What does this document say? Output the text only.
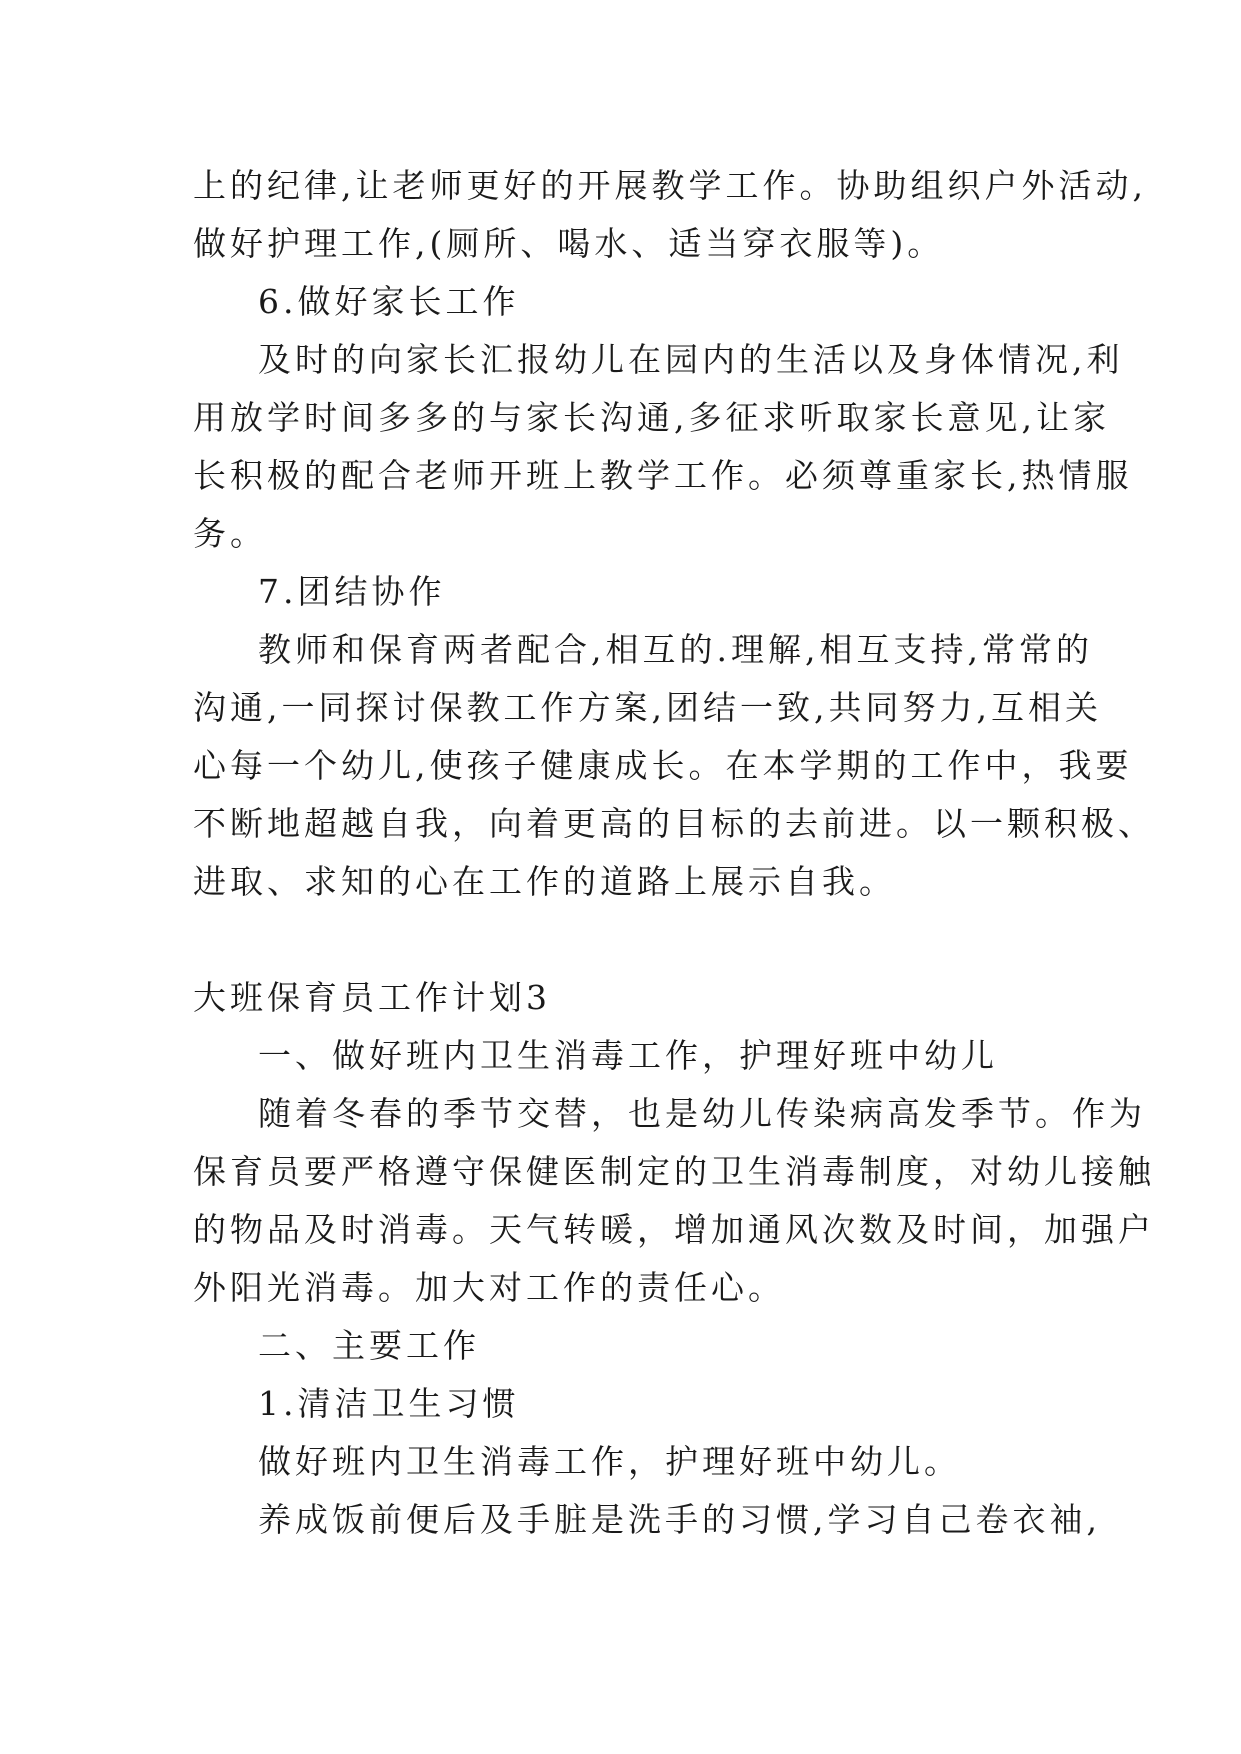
上的纪律,让老师更好的开展教学工作。协助组织户外活动,
做好护理工作,(厕所、喝水、适当穿衣服等)。
6.做好家长工作
及时的向家长汇报幼儿在园内的生活以及身体情况,利
用放学时间多多的与家长沟通,多征求听取家长意见,让家
长积极的配合老师开班上教学工作。必须尊重家长,热情服
务。
7.团结协作
教师和保育两者配合,相互的.理解,相互支持,常常的
沟通,一同探讨保教工作方案,团结一致,共同努力,互相关
心每一个幼儿,使孩子健康成长。在本学期的工作中，我要
不断地超越自我，向着更高的目标的去前进。以一颗积极、
进取、求知的心在工作的道路上展示自我。
大班保育员工作计划3
一、做好班内卫生消毒工作，护理好班中幼儿
随着冬春的季节交替，也是幼儿传染病高发季节。作为
保育员要严格遵守保健医制定的卫生消毒制度，对幼儿接触
的物品及时消毒。天气转暖，增加通风次数及时间，加强户
外阳光消毒。加大对工作的责任心。
二、主要工作
1.清洁卫生习惯
做好班内卫生消毒工作，护理好班中幼儿。
养成饭前便后及手脏是洗手的习惯,学习自己卷衣袖,
